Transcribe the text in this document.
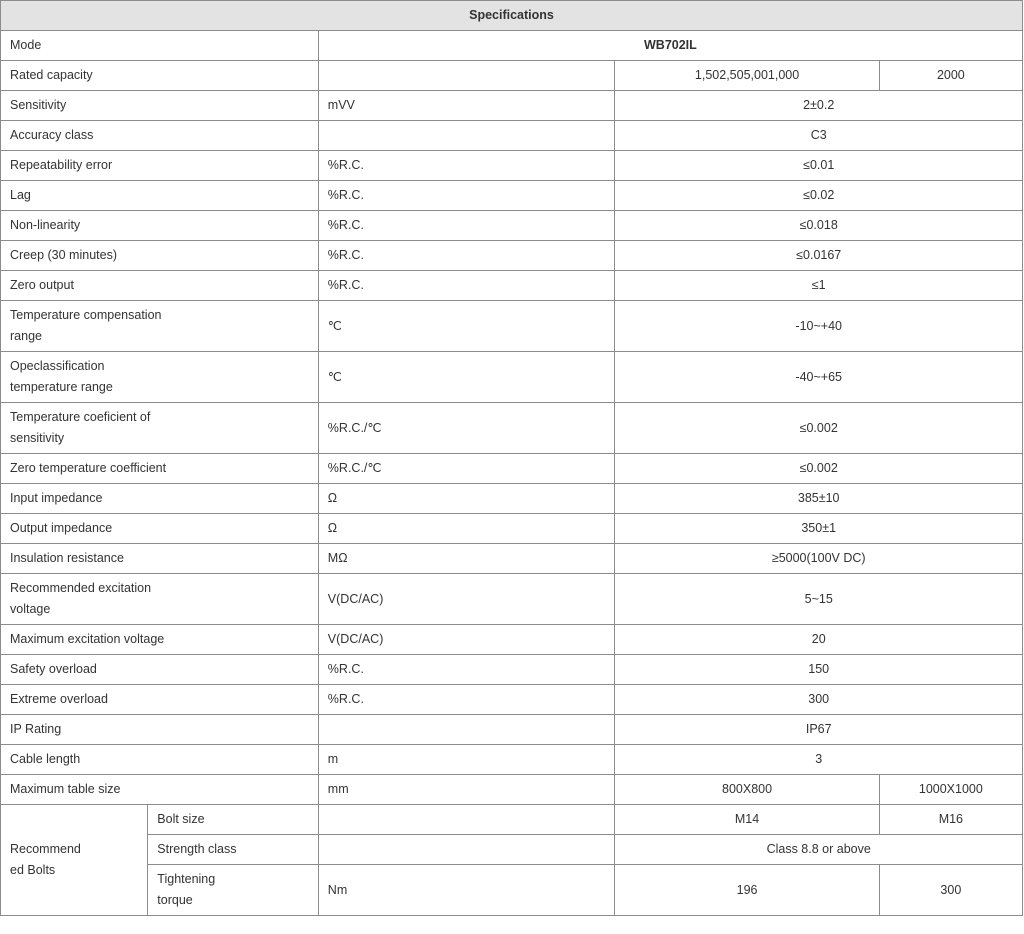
Specifications				
Mode		WB702IL		
Rated capacity			1,502,505,001,000	2000
Sensitivity		mVV	2±0.2	
Accuracy class			C3	
Repeatability error		%R.C.	≤0.01	
Lag		%R.C.	≤0.02	
Non-linearity		%R.C.	≤0.018	
Creep (30 minutes)		%R.C.	≤0.0167	
Zero output		%R.C.	≤1	
Temperature compensation range		℃	-10~+40	
Opeclassification temperature range		℃	-40~+65	
Temperature coeficient of sensitivity		%R.C./℃	≤0.002	
Zero temperature coefficient		%R.C./℃	≤0.002	
Input impedance		Ω	385±10	
Output impedance		Ω	350±1	
Insulation resistance		MΩ	≥5000(100V DC)	
Recommended excitation voltage		V(DC/AC)	5~15	
Maximum excitation voltage		V(DC/AC)	20	
Safety overload		%R.C.	150	
Extreme overload		%R.C.	300	
IP Rating			IP67	
Cable length		m	3	
Maximum table size		mm	800X800	1000X1000
Recommend ed Bolts	Bolt size		M14	M16
	Strength class		Class 8.8 or above	
	Tightening torque	Nm	196	300
